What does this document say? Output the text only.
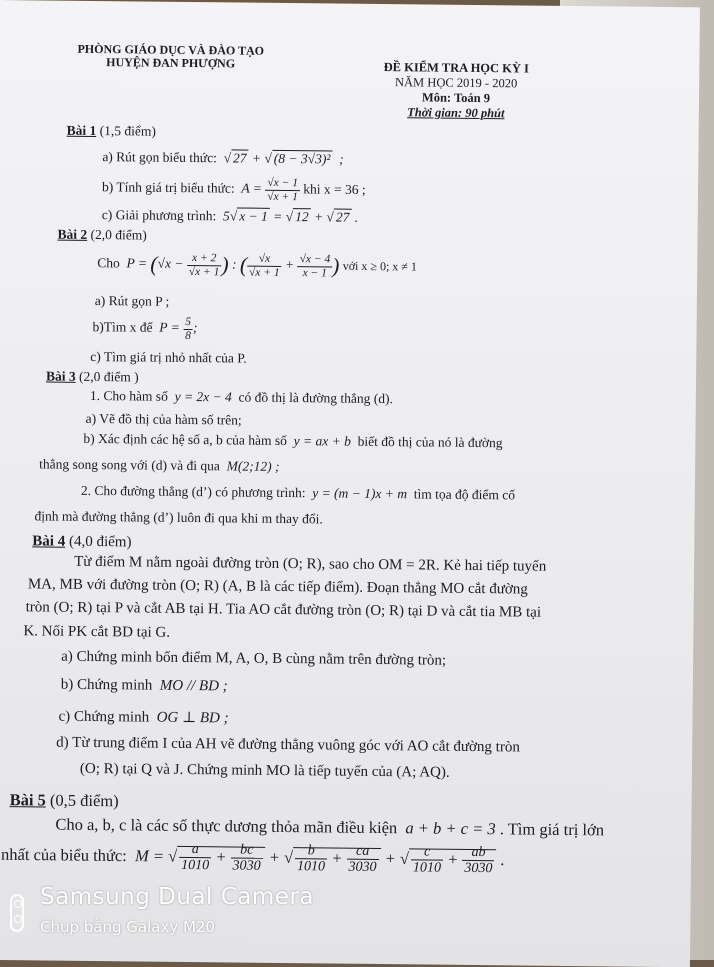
PHÒNG GIÁO DỤC VÀ ĐÀO TẠO
HUYỆN ĐAN PHƯỢNG	ĐỀ KIỂM TRA HỌC KỲ I
NĂM HỌC 2019 - 2020
Môn: Toán 9
Thời gian: 90 phút
Bài 1 (1,5 điểm)
a) Rút gọn biểu thức:  √ 27 + √ (8 − 3√3)²  ;
b) Tính giá trị biểu thức:  $A = \frac{√x - 1}{√x + 1}$ khi x = 36 ;
c) Giải phương trình:  5√ x − 1 = √ 12 + √ 27 .
Bài 2 (2,0 điểm)
Cho  $P = (√x - \frac{x + 2}{√x + 1}$ ) : ( $\frac{√x}{√x + 1} + \frac{√x - 4}{x - 1}$ ) với x ≥ 0; x ≠ 1
a) Rút gọn P ;
b)Tìm x để  $P = \frac{5}{8}$ ;
c) Tìm giá trị nhỏ nhất của P.
Bài 3 (2,0 điểm )
1. Cho hàm số  y = 2x − 4  có đồ thị là đường thẳng (d).
a) Vẽ đồ thị của hàm số trên;
b) Xác định các hệ số a, b của hàm số  y = ax + b  biết đồ thị của nó là đường
thẳng song song với (d) và đi qua  M(2;12) ;
2. Cho đường thẳng (d’) có phương trình:  y = (m − 1)x + m  tìm tọa độ điểm cố
định mà đường thẳng (d’) luôn đi qua khi m thay đổi.
Bài 4 (4,0 điểm)
Từ điểm M nằm ngoài đường tròn (O; R), sao cho OM = 2R. Kẻ hai tiếp tuyến
MA, MB với đường tròn (O; R) (A, B là các tiếp điểm). Đoạn thẳng MO cắt đường
tròn (O; R) tại P và cắt AB tại H. Tia AO cắt đường tròn (O; R) tại D và cắt tia MB tại
K. Nối PK cắt BD tại G.
a) Chứng minh bốn điểm M, A, O, B cùng nằm trên đường tròn;
b) Chứng minh  MO // BD ;
c) Chứng minh  OG ⊥ BD ;
d) Từ trung điểm I của AH vẽ đường thẳng vuông góc với AO cắt đường tròn
(O; R) tại Q và J. Chứng minh MO là tiếp tuyến của (A; AQ).
Bài 5 (0,5 điểm)
Cho a, b, c là các số thực dương thỏa mãn điều kiện  a + b + c = 3 . Tìm giá trị lớn
nhất của biểu thức:  M = √ $\frac{a}{1010} + \frac{bc}{3030}$ + √ $\frac{b}{1010} + \frac{ca}{3030}$ + √ $\frac{c}{1010} + \frac{ab}{3030}$ .
Samsung Dual Camera
Chụp bằng Galaxy M20
